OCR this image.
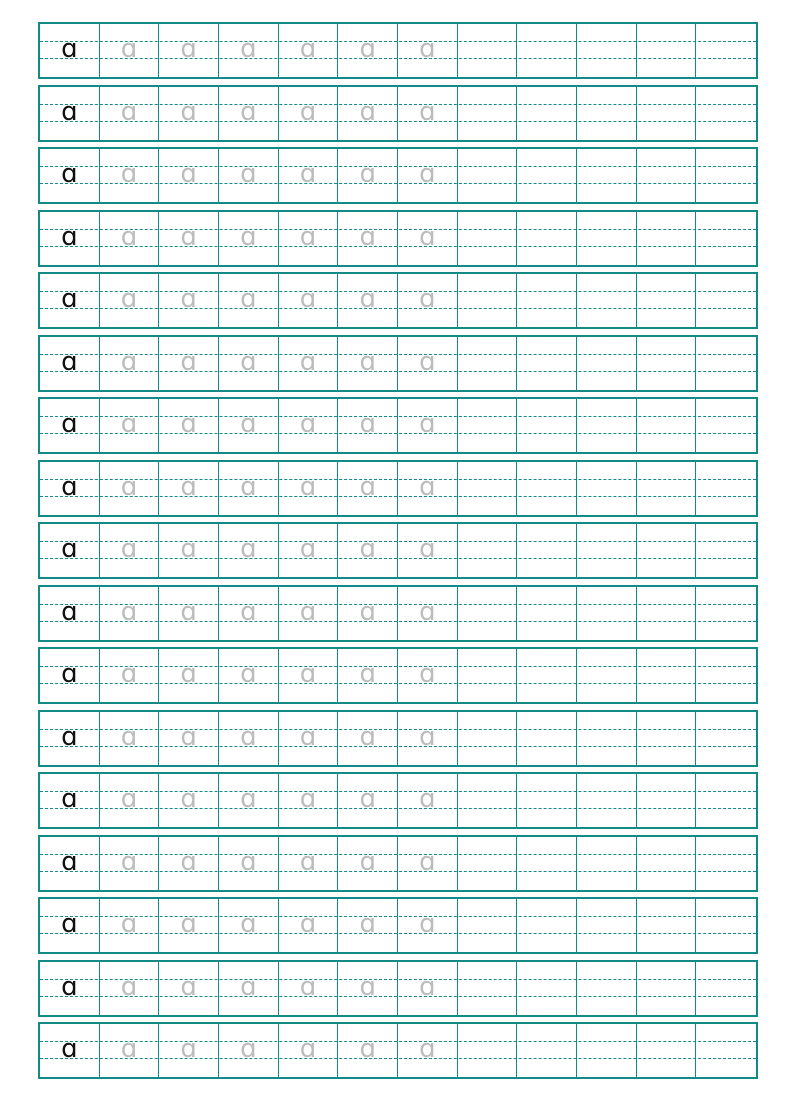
ɑ ɑ ɑ ɑ ɑ ɑ ɑ
ɑ ɑ ɑ ɑ ɑ ɑ ɑ
ɑ ɑ ɑ ɑ ɑ ɑ ɑ
ɑ ɑ ɑ ɑ ɑ ɑ ɑ
ɑ ɑ ɑ ɑ ɑ ɑ ɑ
ɑ ɑ ɑ ɑ ɑ ɑ ɑ
ɑ ɑ ɑ ɑ ɑ ɑ ɑ
ɑ ɑ ɑ ɑ ɑ ɑ ɑ
ɑ ɑ ɑ ɑ ɑ ɑ ɑ
ɑ ɑ ɑ ɑ ɑ ɑ ɑ
ɑ ɑ ɑ ɑ ɑ ɑ ɑ
ɑ ɑ ɑ ɑ ɑ ɑ ɑ
ɑ ɑ ɑ ɑ ɑ ɑ ɑ
ɑ ɑ ɑ ɑ ɑ ɑ ɑ
ɑ ɑ ɑ ɑ ɑ ɑ ɑ
ɑ ɑ ɑ ɑ ɑ ɑ ɑ
ɑ ɑ ɑ ɑ ɑ ɑ ɑ
